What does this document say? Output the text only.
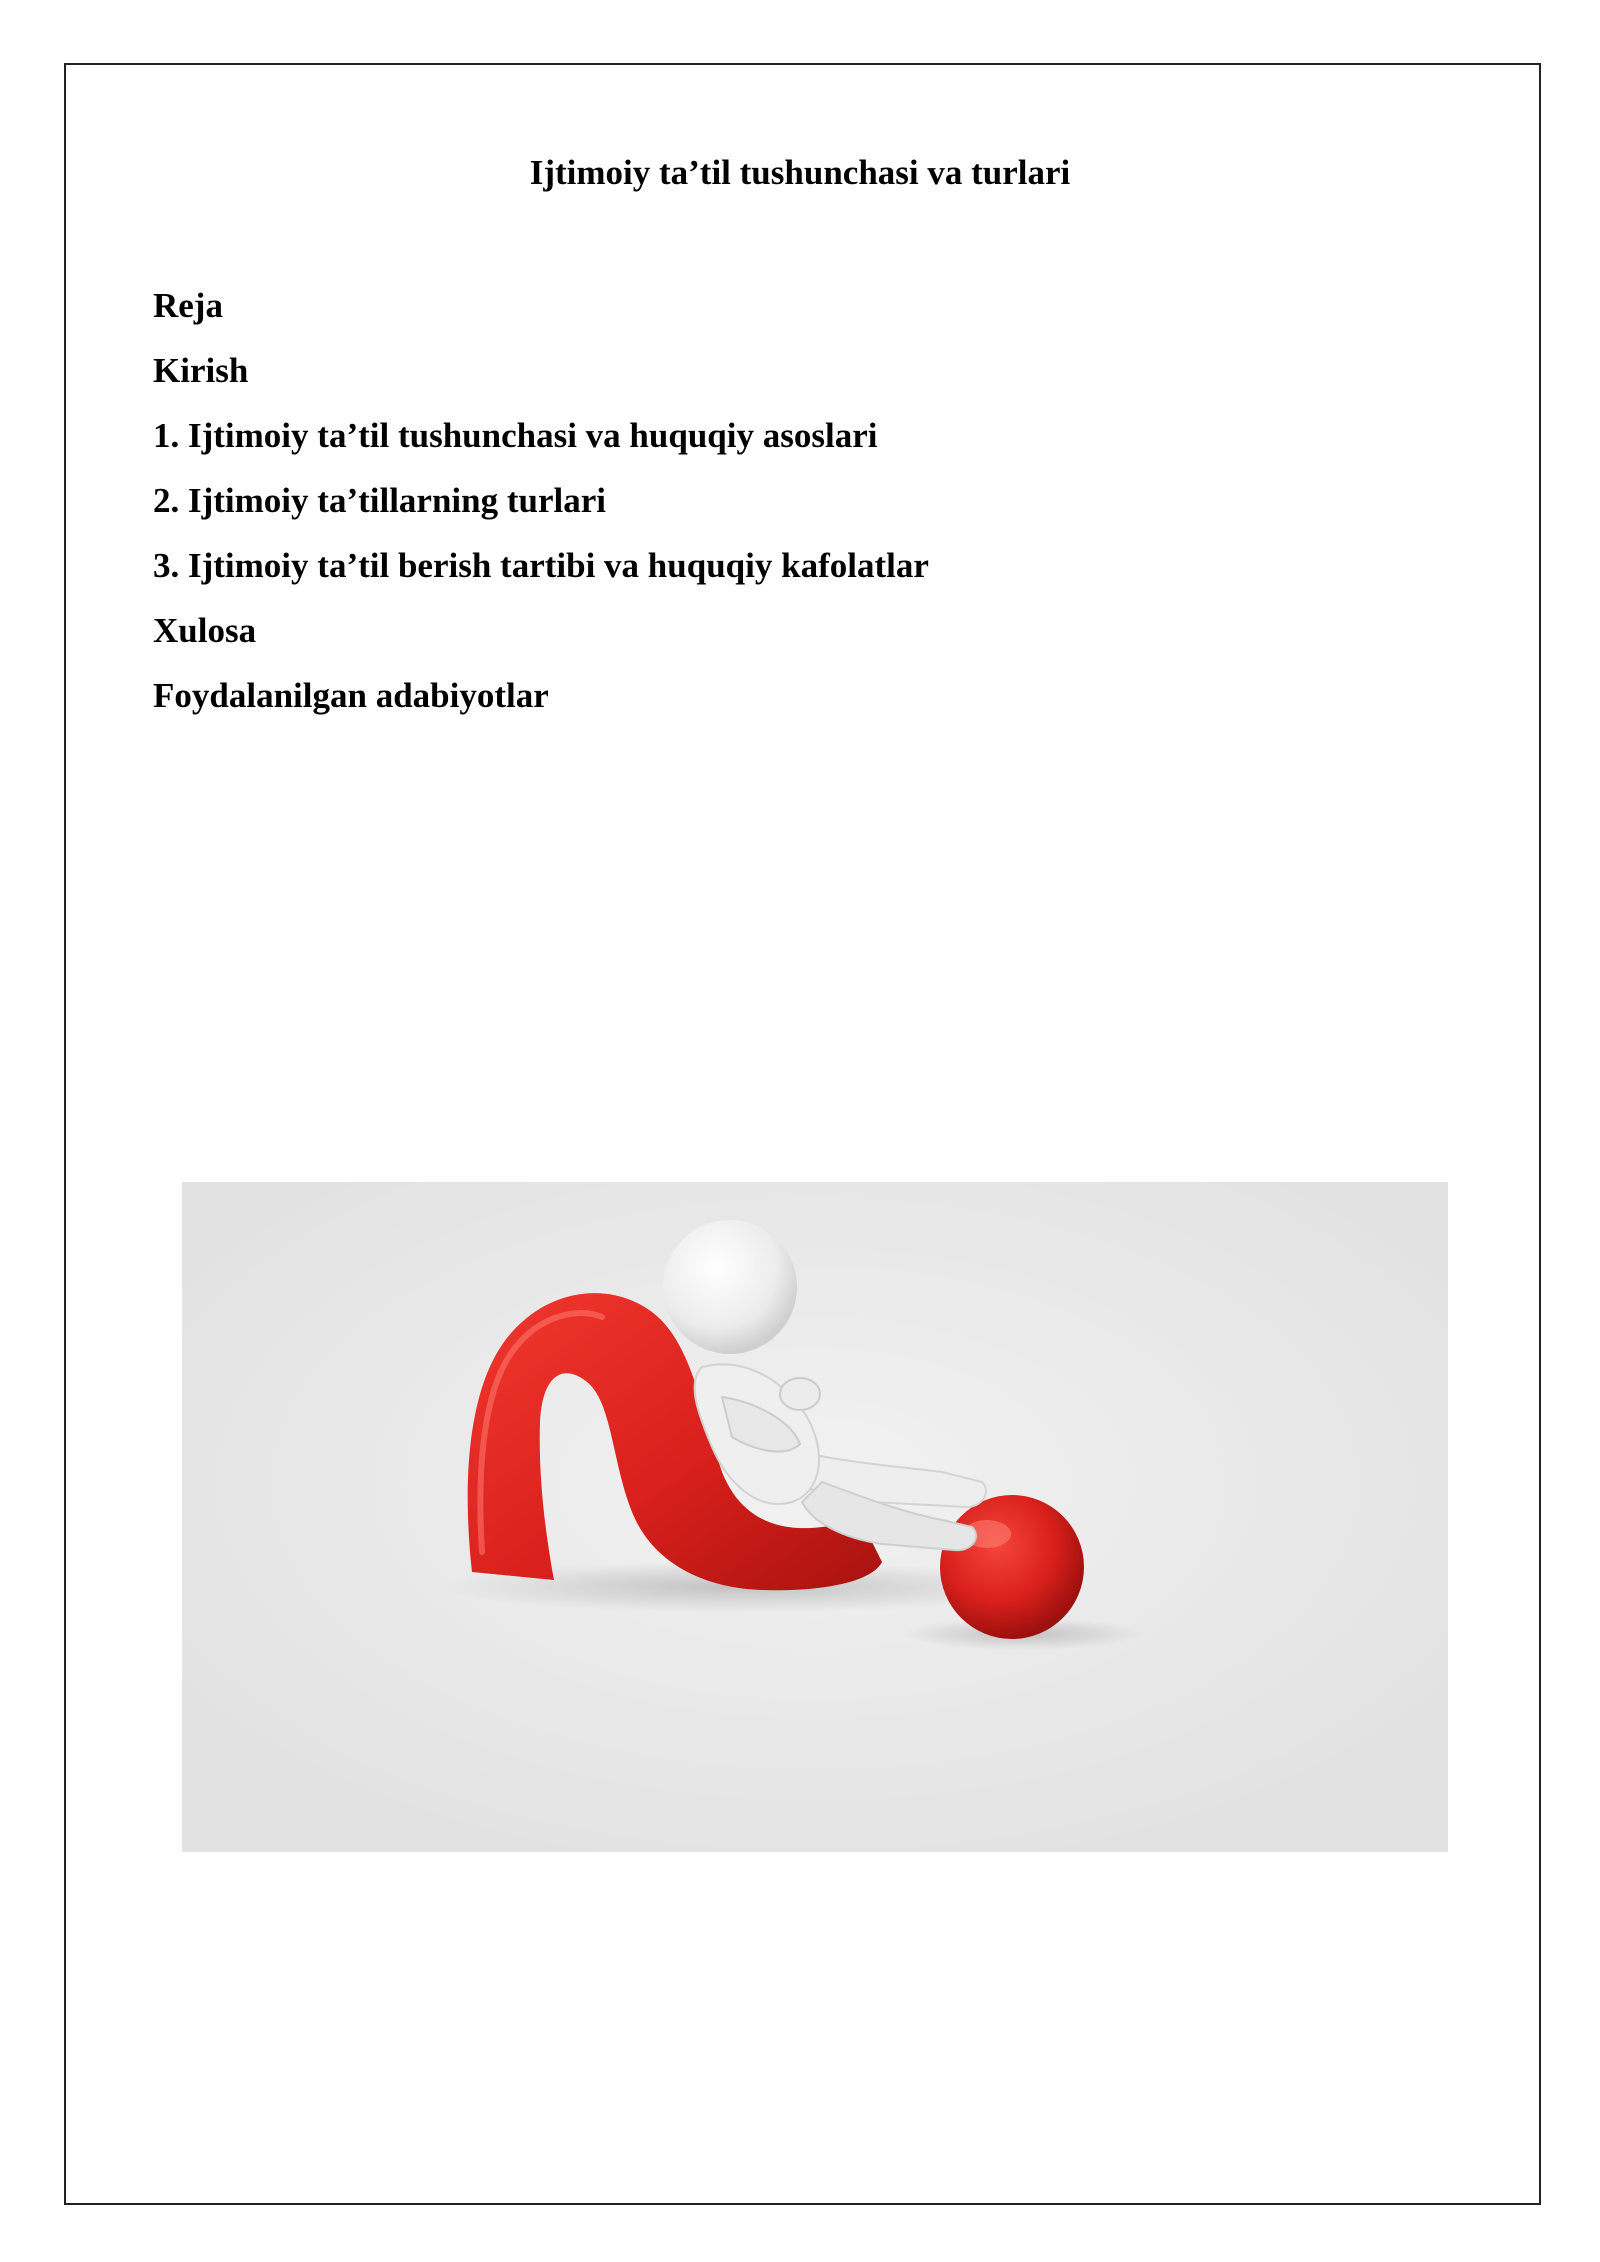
Ijtimoiy ta’til tushunchasi va turlari
Reja
Kirish
1. Ijtimoiy ta’til tushunchasi va huquqiy asoslari
2. Ijtimoiy ta’tillarning turlari
3. Ijtimoiy ta’til berish tartibi va huquqiy kafolatlar
Xulosa
Foydalanilgan adabiyotlar
